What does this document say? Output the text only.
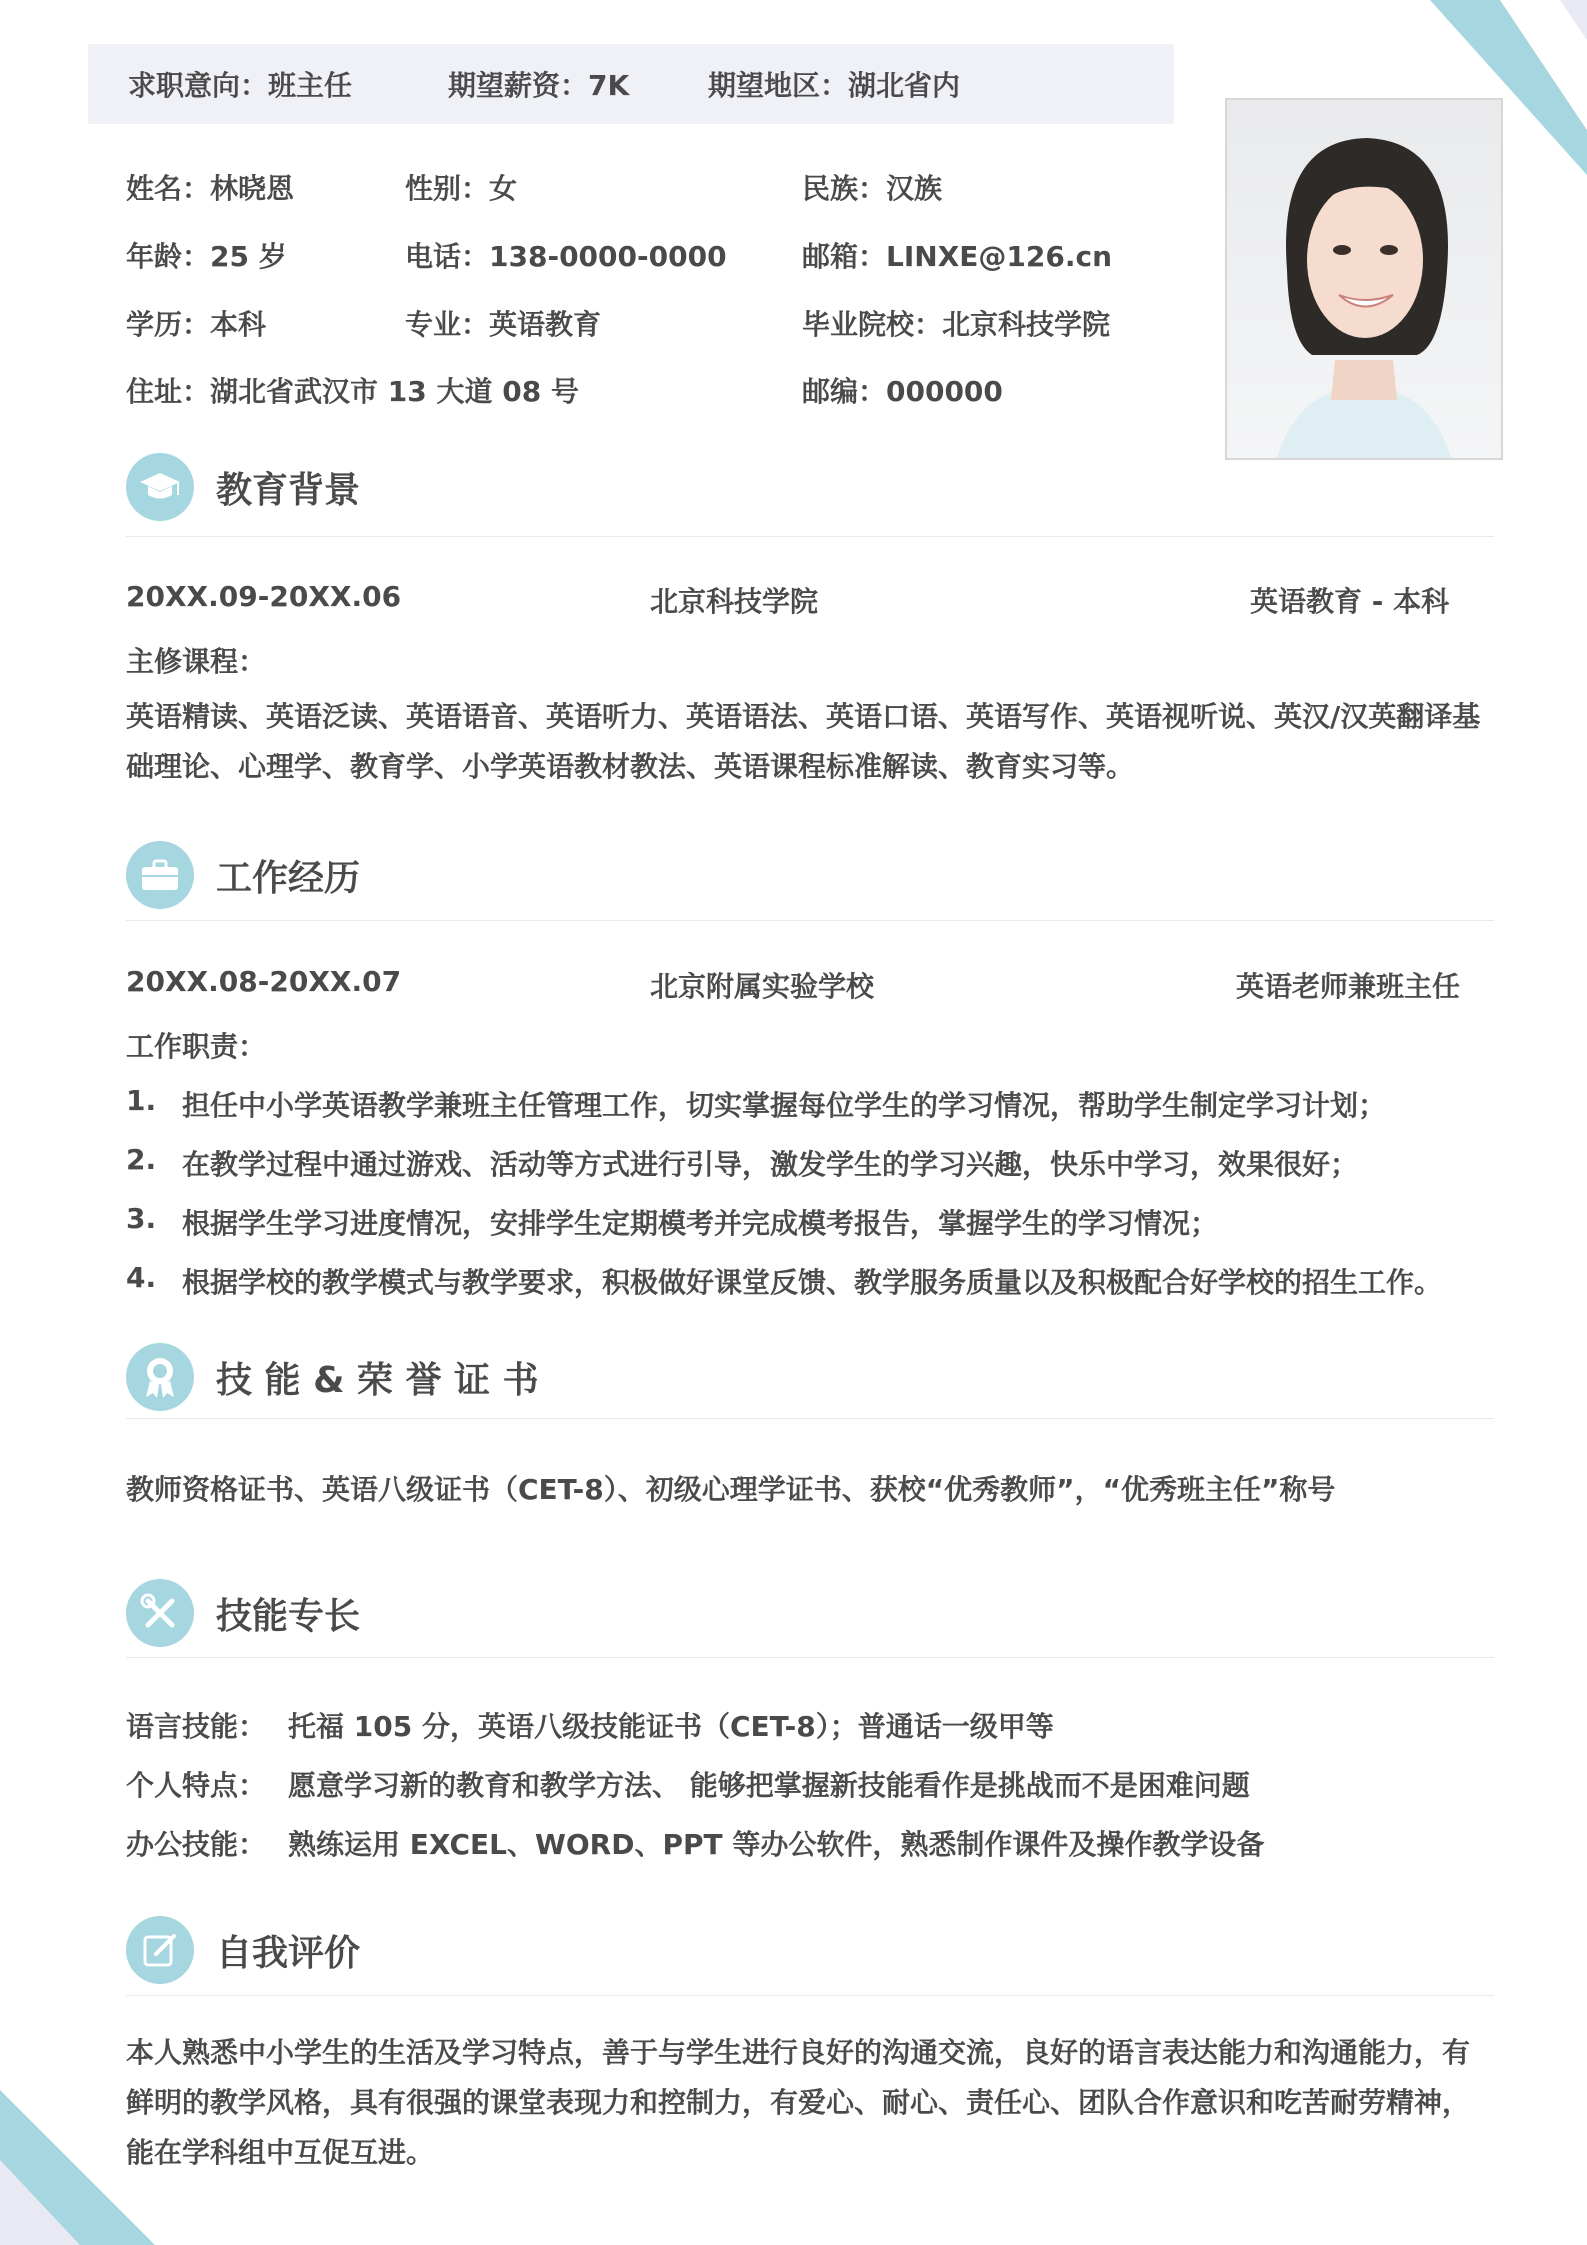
求职意向：班主任	期望薪资：7K	期望地区：湖北省内
姓名：林晓恩	性别：女	民族：汉族
年龄：25 岁	电话：138-0000-0000	邮箱：LINXE@126.cn
学历：本科	专业：英语教育	毕业院校：北京科技学院
住址：湖北省武汉市 13 大道 08 号	邮编：000000
教育背景
20XX.09-20XX.06	北京科技学院	英语教育 - 本科
主修课程：
英语精读、英语泛读、英语语音、英语听力、英语语法、英语口语、英语写作、英语视听说、英汉/汉英翻译基础理论、心理学、教育学、小学英语教材教法、英语课程标准解读、教育实习等。
工作经历
20XX.08-20XX.07	北京附属实验学校	英语老师兼班主任
工作职责：
1. 担任中小学英语教学兼班主任管理工作，切实掌握每位学生的学习情况，帮助学生制定学习计划；
2. 在教学过程中通过游戏、活动等方式进行引导，激发学生的学习兴趣，快乐中学习，效果很好；
3. 根据学生学习进度情况，安排学生定期模考并完成模考报告，掌握学生的学习情况；
4. 根据学校的教学模式与教学要求，积极做好课堂反馈、教学服务质量以及积极配合好学校的招生工作。
技 能 & 荣 誉 证 书
教师资格证书、英语八级证书（CET-8）、初级心理学证书、获校“优秀教师”，“优秀班主任”称号
技能专长
语言技能： 托福 105 分，英语八级技能证书（CET-8）；普通话一级甲等
个人特点： 愿意学习新的教育和教学方法、 能够把掌握新技能看作是挑战而不是困难问题
办公技能： 熟练运用 EXCEL、WORD、PPT 等办公软件，熟悉制作课件及操作教学设备
自我评价
本人熟悉中小学生的生活及学习特点，善于与学生进行良好的沟通交流，良好的语言表达能力和沟通能力，有鲜明的教学风格，具有很强的课堂表现力和控制力，有爱心、耐心、责任心、团队合作意识和吃苦耐劳精神，能在学科组中互促互进。
